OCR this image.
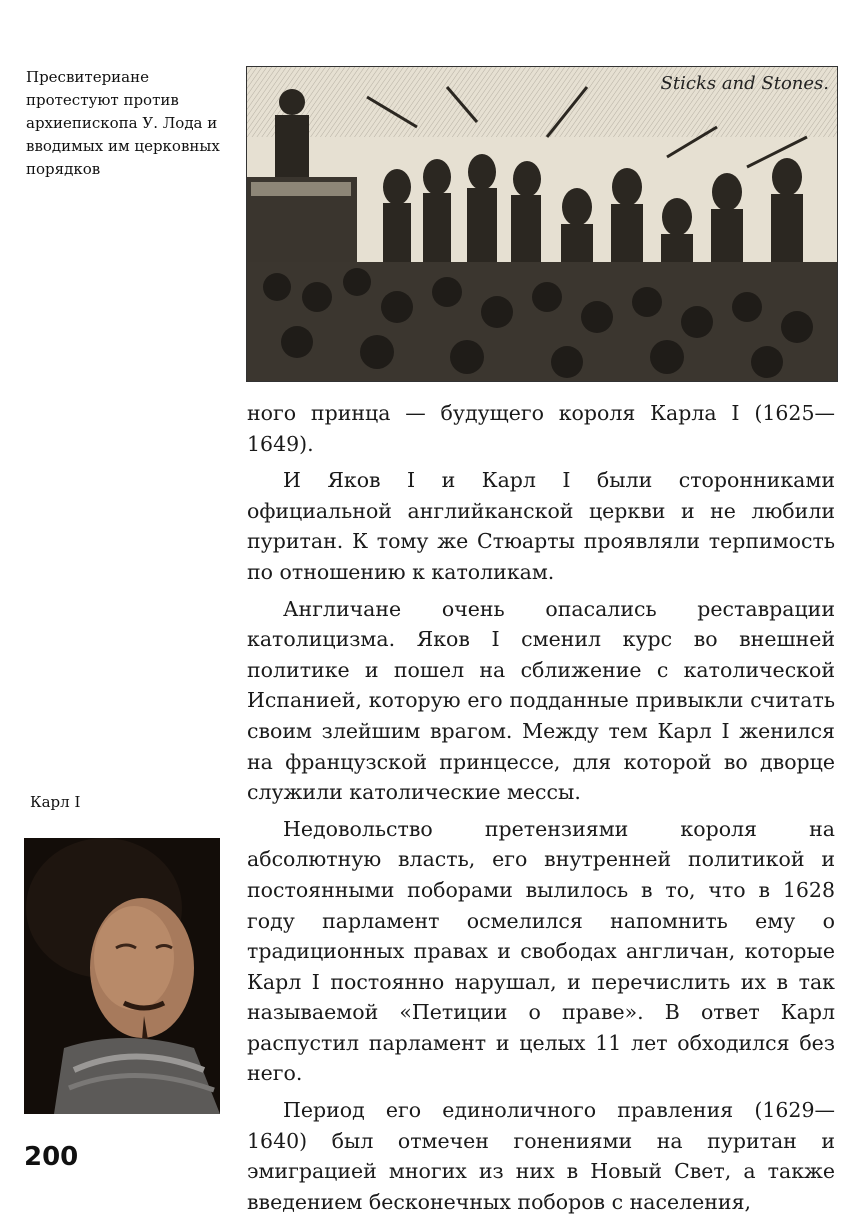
Пресвитериане протестуют против архиепископа У. Лода и вводимых им церковных порядков
Sticks and Stones.
Карл I

ного принца — будущего короля Карла I (1625—1649).

И Яков I и Карл I были сторонниками официальной английканской церкви и не любили пуритан. К тому же Стюарты проявляли терпимость по отношению к католикам.

Англичане очень опасались реставрации католицизма. Яков I сменил курс во внешней политике и пошел на сближение с католической Испанией, которую его подданные привыкли считать своим злейшим врагом. Между тем Карл I женился на французской принцессе, для которой во дворце служили католические мессы.

Недовольство претензиями короля на абсолютную власть, его внутренней политикой и постоянными поборами вылилось в то, что в 1628 году парламент осмелился напомнить ему о традиционных правах и свободах англичан, которые Карл I постоянно нарушал, и перечислить их в так называемой «Петиции о праве». В ответ Карл распустил парламент и целых 11 лет обходился без него.

Период его единоличного правления (1629—1640) был отмечен гонениями на пуритан и эмиграцией многих из них в Новый Свет, а также введением бесконечных поборов с населения,

200
